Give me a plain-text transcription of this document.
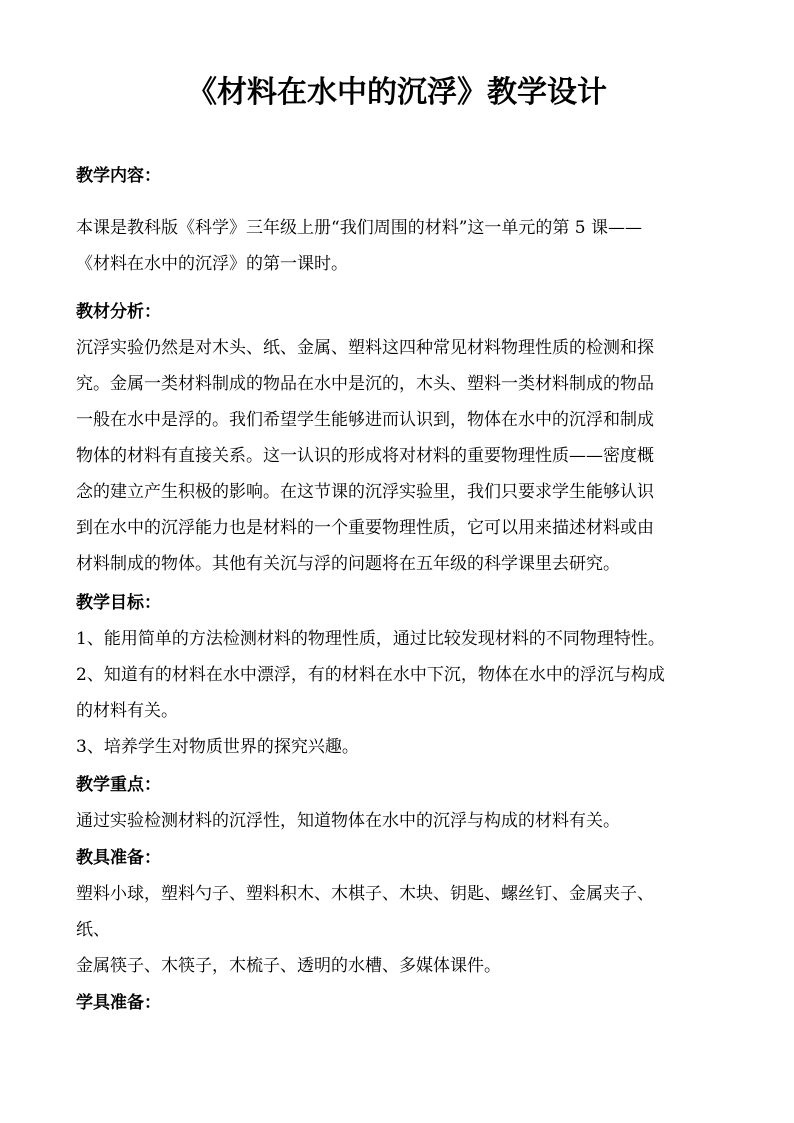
《材料在水中的沉浮》教学设计
教学内容：
本课是教科版《科学》三年级上册“我们周围的材料”这一单元的第 5 课——
《材料在水中的沉浮》的第一课时。
教材分析：
沉浮实验仍然是对木头、纸、金属、塑料这四种常见材料物理性质的检测和探
究。金属一类材料制成的物品在水中是沉的，木头、塑料一类材料制成的物品
一般在水中是浮的。我们希望学生能够进而认识到，物体在水中的沉浮和制成
物体的材料有直接关系。这一认识的形成将对材料的重要物理性质——密度概
念的建立产生积极的影响。在这节课的沉浮实验里，我们只要求学生能够认识
到在水中的沉浮能力也是材料的一个重要物理性质，它可以用来描述材料或由
材料制成的物体。其他有关沉与浮的问题将在五年级的科学课里去研究。
教学目标：
1、能用简单的方法检测材料的物理性质，通过比较发现材料的不同物理特性。
2、知道有的材料在水中漂浮，有的材料在水中下沉，物体在水中的浮沉与构成
的材料有关。
3、培养学生对物质世界的探究兴趣。
教学重点：
通过实验检测材料的沉浮性，知道物体在水中的沉浮与构成的材料有关。
教具准备：
塑料小球，塑料勺子、塑料积木、木棋子、木块、钥匙、螺丝钉、金属夹子、
纸、
金属筷子、木筷子，木梳子、透明的水槽、多媒体课件。
学具准备：
